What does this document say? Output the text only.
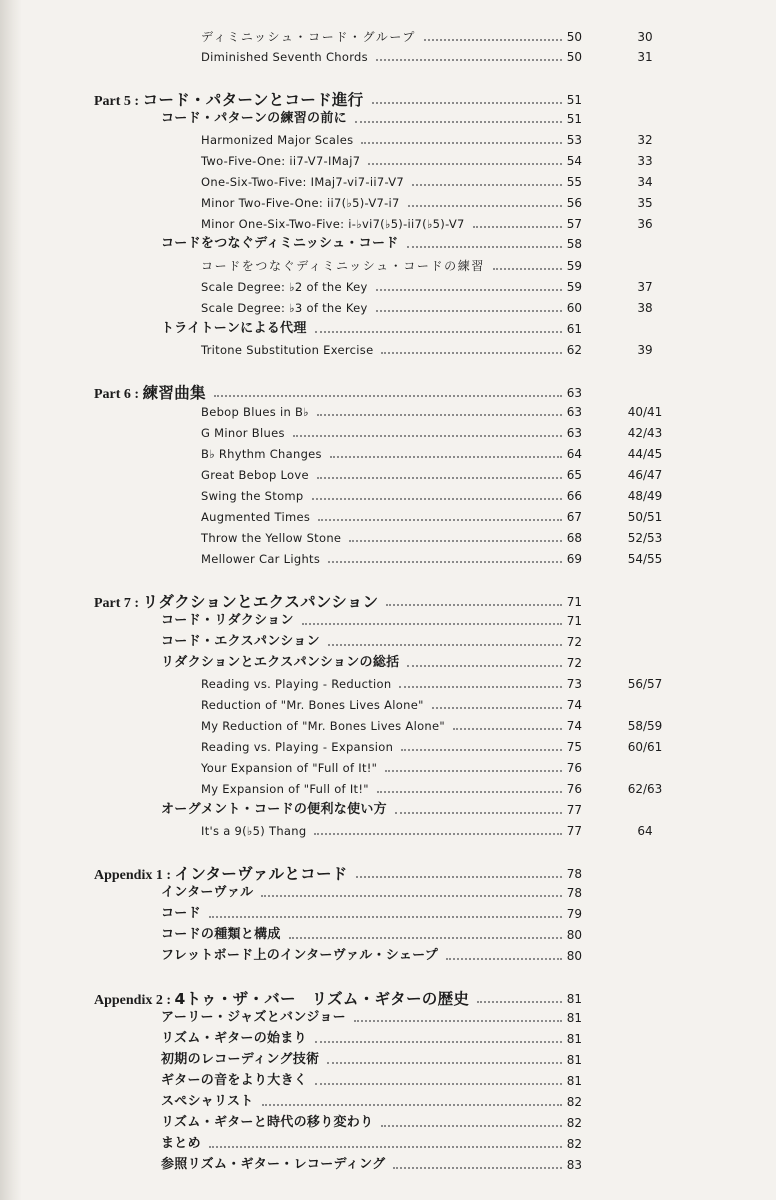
ディミニッシュ・コード・グループ	50	30
Diminished Seventh Chords	50	31
Part 5 : コード・パターンとコード進行	51
コード・パターンの練習の前に	51
Harmonized Major Scales	53	32
Two-Five-One: ii7-V7-IMaj7	54	33
One-Six-Two-Five: IMaj7-vi7-ii7-V7	55	34
Minor Two-Five-One: ii7(♭5)-V7-i7	56	35
Minor One-Six-Two-Five: i-♭vi7(♭5)-ii7(♭5)-V7	57	36
コードをつなぐディミニッシュ・コード	58
コードをつなぐディミニッシュ・コードの練習	59
Scale Degree: ♭2 of the Key	59	37
Scale Degree: ♭3 of the Key	60	38
トライトーンによる代理	61
Tritone Substitution Exercise	62	39
Part 6 : 練習曲集	63
Bebop Blues in B♭	63	40/41
G Minor Blues	63	42/43
B♭ Rhythm Changes	64	44/45
Great Bebop Love	65	46/47
Swing the Stomp	66	48/49
Augmented Times	67	50/51
Throw the Yellow Stone	68	52/53
Mellower Car Lights	69	54/55
Part 7 : リダクションとエクスパンション	71
コード・リダクション	71
コード・エクスパンション	72
リダクションとエクスパンションの総括	72
Reading vs. Playing - Reduction	73	56/57
Reduction of "Mr. Bones Lives Alone"	74
My Reduction of "Mr. Bones Lives Alone"	74	58/59
Reading vs. Playing - Expansion	75	60/61
Your Expansion of "Full of It!"	76
My Expansion of "Full of It!"	76	62/63
オーグメント・コードの便利な使い方	77
It's a 9(♭5) Thang	77	64
Appendix 1 : インターヴァルとコード	78
インターヴァル	78
コード	79
コードの種類と構成	80
フレットボード上のインターヴァル・シェープ	80
Appendix 2 : 4トゥ・ザ・バー　リズム・ギターの歴史	81
アーリー・ジャズとバンジョー	81
リズム・ギターの始まり	81
初期のレコーディング技術	81
ギターの音をより大きく	81
スペシャリスト	82
リズム・ギターと時代の移り変わり	82
まとめ	82
参照リズム・ギター・レコーディング	83
